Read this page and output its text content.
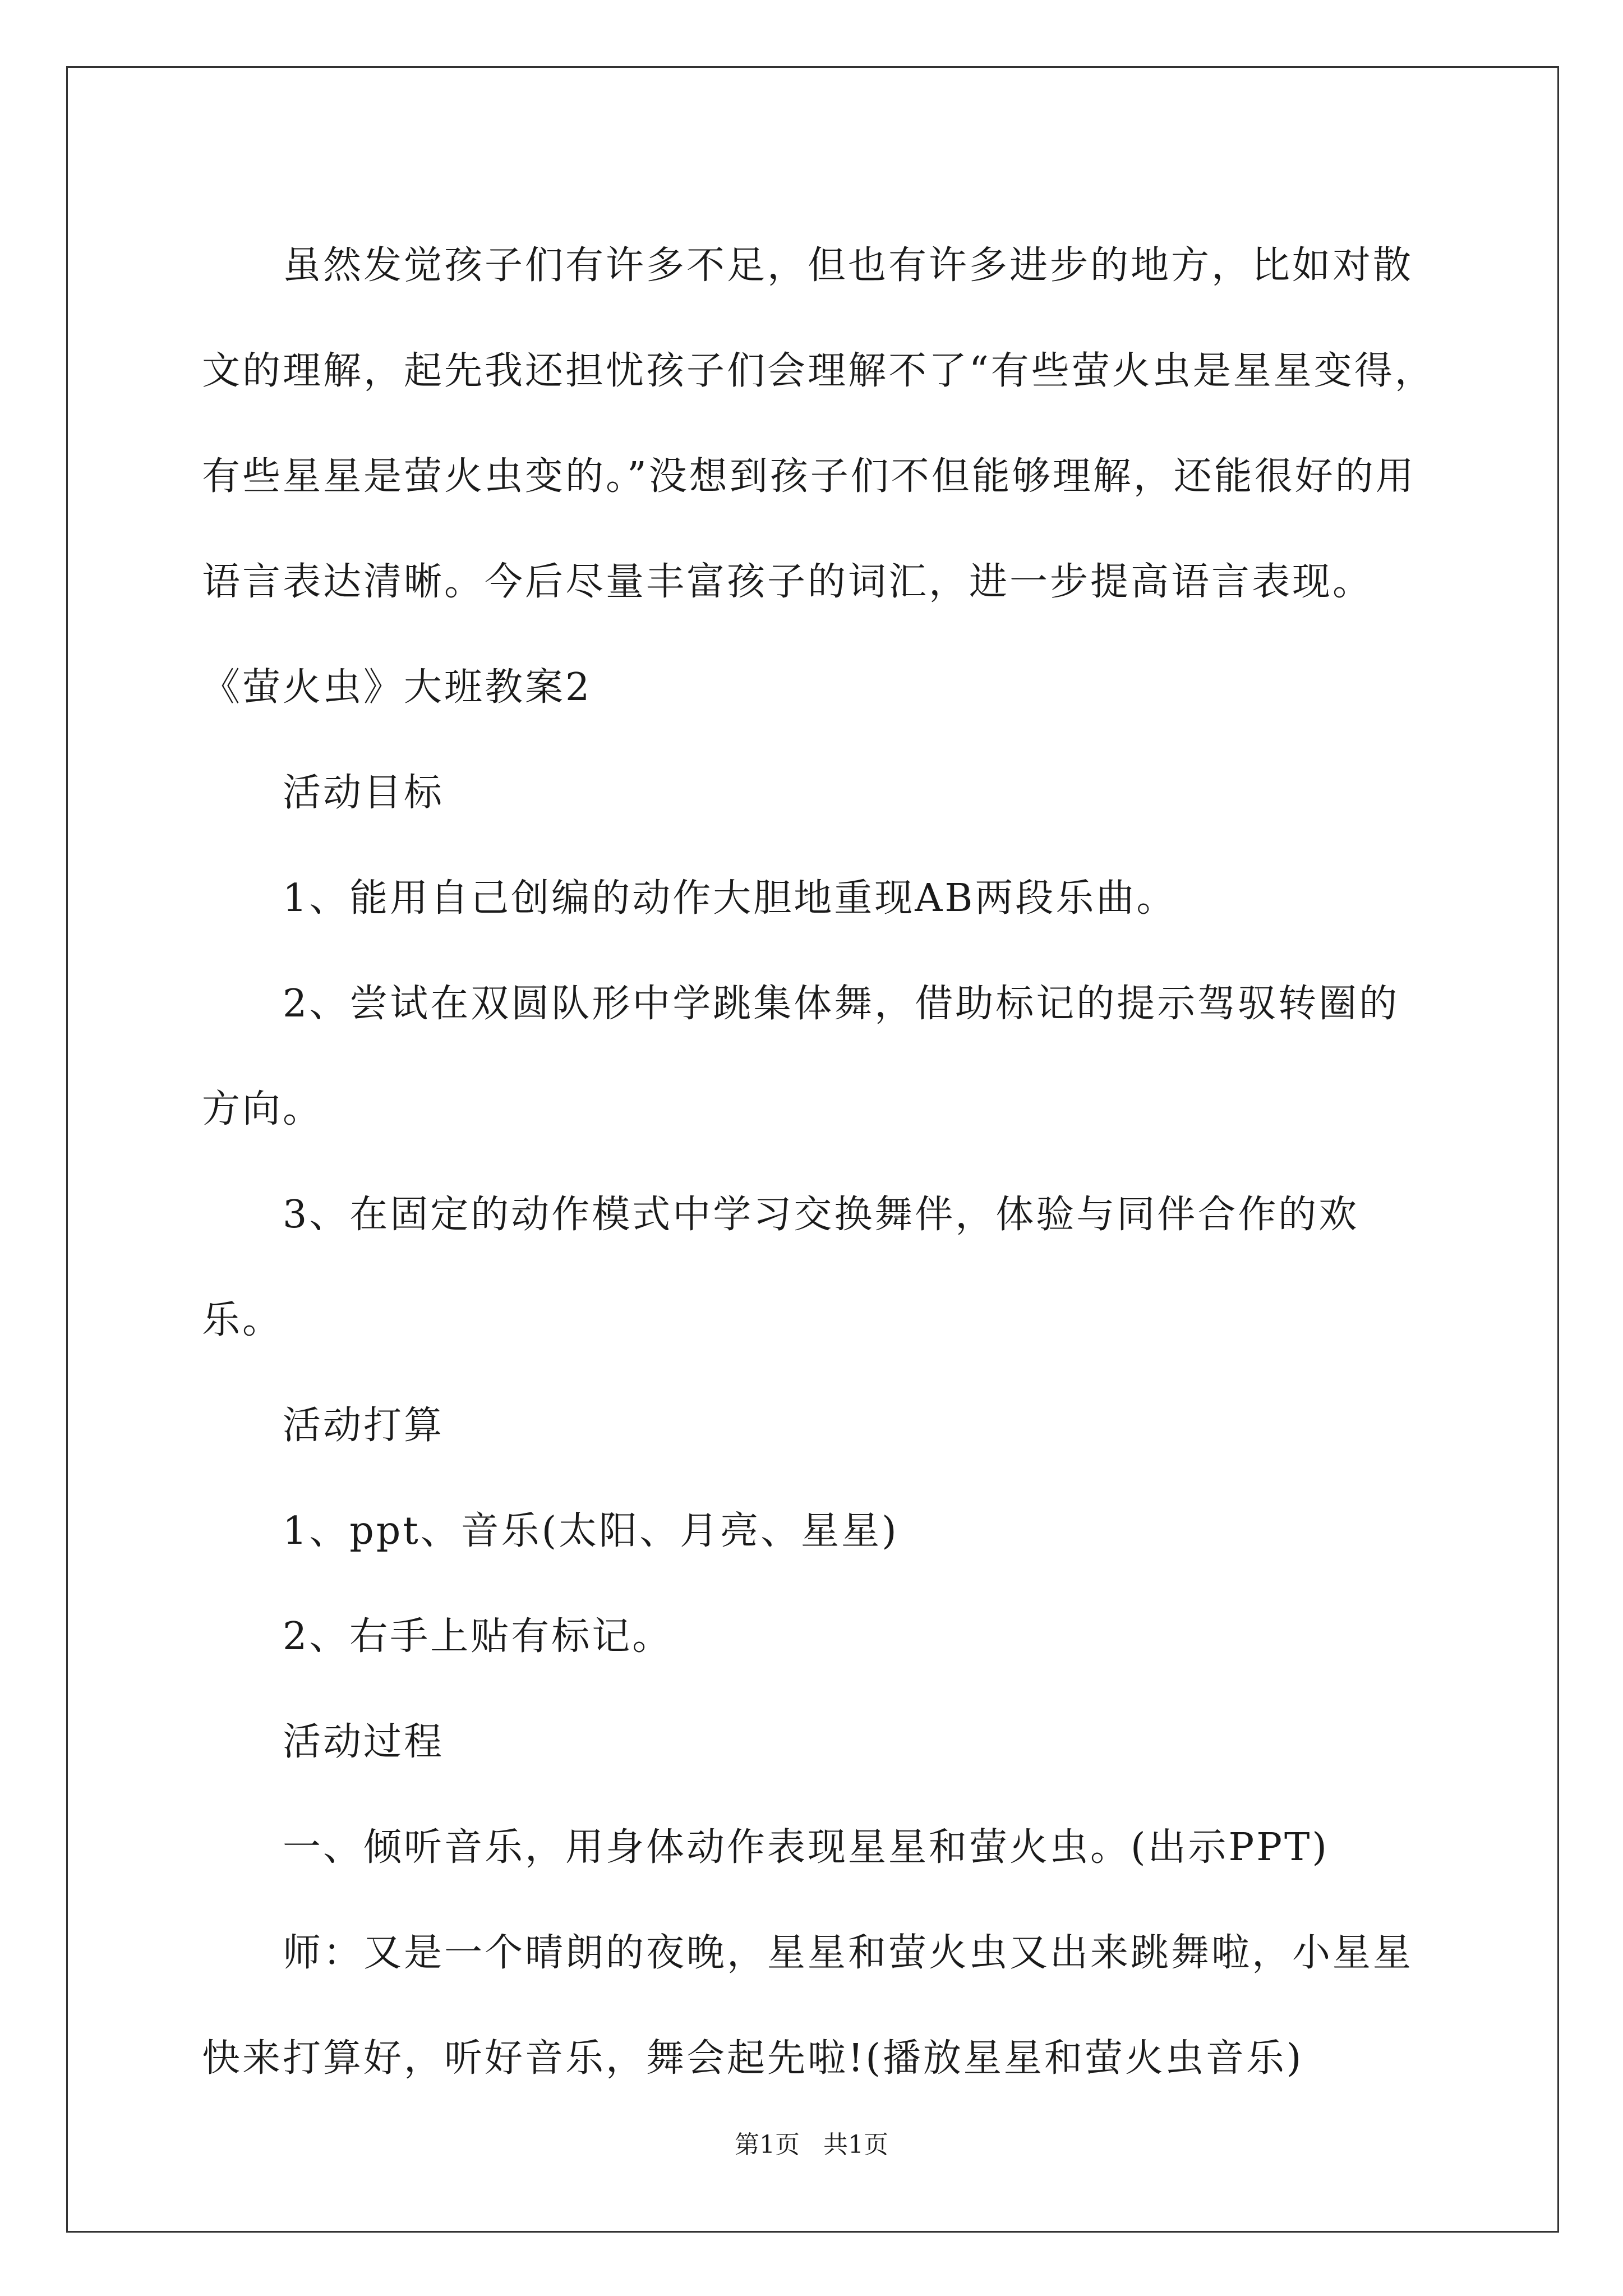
虽然发觉孩子们有许多不足，但也有许多进步的地方，比如对散文的理解，起先我还担忧孩子们会理解不了“有些萤火虫是星星变得，有些星星是萤火虫变的。”没想到孩子们不但能够理解，还能很好的用语言表达清晰。今后尽量丰富孩子的词汇，进一步提高语言表现。

《萤火虫》大班教案2

活动目标

1、能用自己创编的动作大胆地重现AB两段乐曲。

2、尝试在双圆队形中学跳集体舞，借助标记的提示驾驭转圈的方向。

3、在固定的动作模式中学习交换舞伴，体验与同伴合作的欢乐。

活动打算

1、ppt、音乐(太阳、月亮、星星)

2、右手上贴有标记。

活动过程

一、倾听音乐，用身体动作表现星星和萤火虫。(出示PPT)

师：又是一个晴朗的夜晚，星星和萤火虫又出来跳舞啦，小星星快来打算好，听好音乐，舞会起先啦!(播放星星和萤火虫音乐)

第1页 共1页
